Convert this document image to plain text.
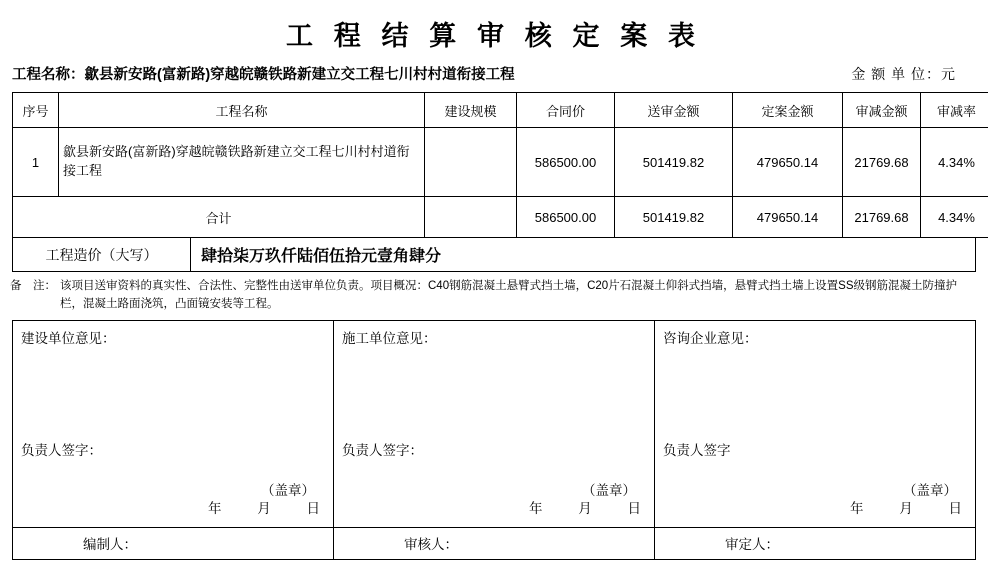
工 程 结 算 审 核 定 案 表
工程名称： 歙县新安路(富新路)穿越皖赣铁路新建立交工程七川村村道衔接工程	金 额 单 位：元
序号	工程名称	建设规模	合同价	送审金额	定案金额	审减金额	审减率
1	歙县新安路(富新路)穿越皖赣铁路新建立交工程七川村村道衔接工程		586500.00	501419.82	479650.14	21769.68	4.34%
合计			586500.00	501419.82	479650.14	21769.68	4.34%
工程造价（大写）	肆拾柒万玖仟陆佰伍拾元壹角肆分
备　注： 该项目送审资料的真实性、合法性、完整性由送审单位负责。项目概况：C40钢筋混凝土悬臂式挡土墙，C20片石混凝土仰斜式挡墙，悬臂式挡土墙上设置SS级钢筋混凝土防撞护栏，混凝土路面浇筑，凸面镜安装等工程。
建设单位意见：
负责人签字：
（盖章）
年	月	日
施工单位意见：
负责人签字：
（盖章）
年	月	日
咨询企业意见：
负责人签字
（盖章）
年	月	日
编制人：	审核人：	审定人：
